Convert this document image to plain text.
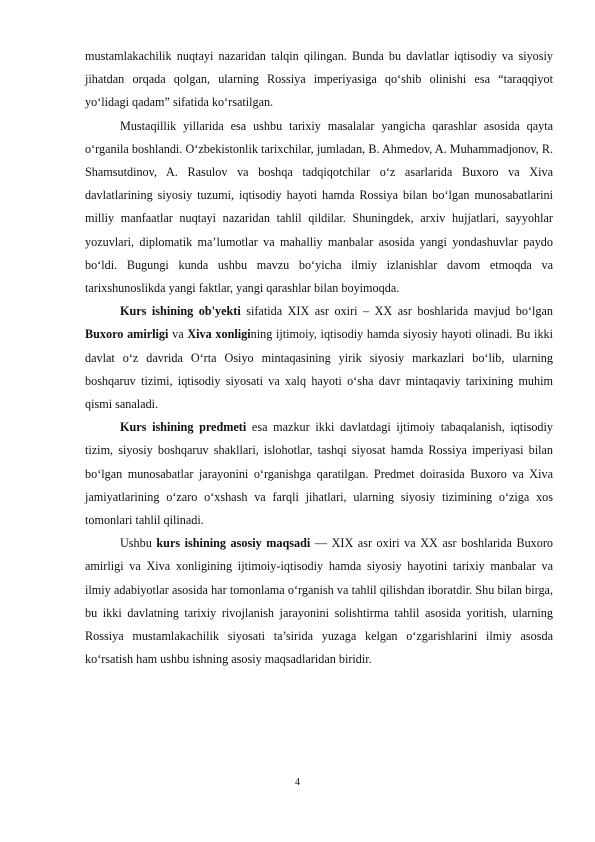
mustamlakachilik nuqtayi nazaridan talqin qilingan. Bunda bu davlatlar iqtisodiy va siyosiy jihatdan orqada qolgan, ularning Rossiya imperiyasiga qo‘shib olinishi esa “taraqqiyot yo‘lidagi qadam” sifatida ko‘rsatilgan.

Mustaqillik yillarida esa ushbu tarixiy masalalar yangicha qarashlar asosida qayta o‘rganila boshlandi. O‘zbekistonlik tarixchilar, jumladan, B. Ahmedov, A. Muhammadjonov, R. Shamsutdinov, A. Rasulov va boshqa tadqiqotchilar o‘z asarlarida Buxoro va Xiva davlatlarining siyosiy tuzumi, iqtisodiy hayoti hamda Rossiya bilan bo‘lgan munosabatlarini milliy manfaatlar nuqtayi nazaridan tahlil qildilar. Shuningdek, arxiv hujjatlari, sayyohlar yozuvlari, diplomatik ma’lumotlar va mahalliy manbalar asosida yangi yondashuvlar paydo bo‘ldi. Bugungi kunda ushbu mavzu bo‘yicha ilmiy izlanishlar davom etmoqda va tarixshunoslikda yangi faktlar, yangi qarashlar bilan boyimoqda.

Kurs ishining ob'yekti sifatida XIX asr oxiri – XX asr boshlarida mavjud bo‘lgan Buxoro amirligi va Xiva xonligining ijtimoiy, iqtisodiy hamda siyosiy hayoti olinadi. Bu ikki davlat o‘z davrida O‘rta Osiyo mintaqasining yirik siyosiy markazlari bo‘lib, ularning boshqaruv tizimi, iqtisodiy siyosati va xalq hayoti o‘sha davr mintaqaviy tarixining muhim qismi sanaladi.

Kurs ishining predmeti esa mazkur ikki davlatdagi ijtimoiy tabaqalanish, iqtisodiy tizim, siyosiy boshqaruv shakllari, islohotlar, tashqi siyosat hamda Rossiya imperiyasi bilan bo‘lgan munosabatlar jarayonini o‘rganishga qaratilgan. Predmet doirasida Buxoro va Xiva jamiyatlarining o‘zaro o‘xshash va farqli jihatlari, ularning siyosiy tizimining o‘ziga xos tomonlari tahlil qilinadi.

Ushbu kurs ishining asosiy maqsadi — XIX asr oxiri va XX asr boshlarida Buxoro amirligi va Xiva xonligining ijtimoiy-iqtisodiy hamda siyosiy hayotini tarixiy manbalar va ilmiy adabiyotlar asosida har tomonlama o‘rganish va tahlil qilishdan iboratdir. Shu bilan birga, bu ikki davlatning tarixiy rivojlanish jarayonini solishtirma tahlil asosida yoritish, ularning Rossiya mustamlakachilik siyosati ta’sirida yuzaga kelgan o‘zgarishlarini ilmiy asosda ko‘rsatish ham ushbu ishning asosiy maqsadlaridan biridir.

4
